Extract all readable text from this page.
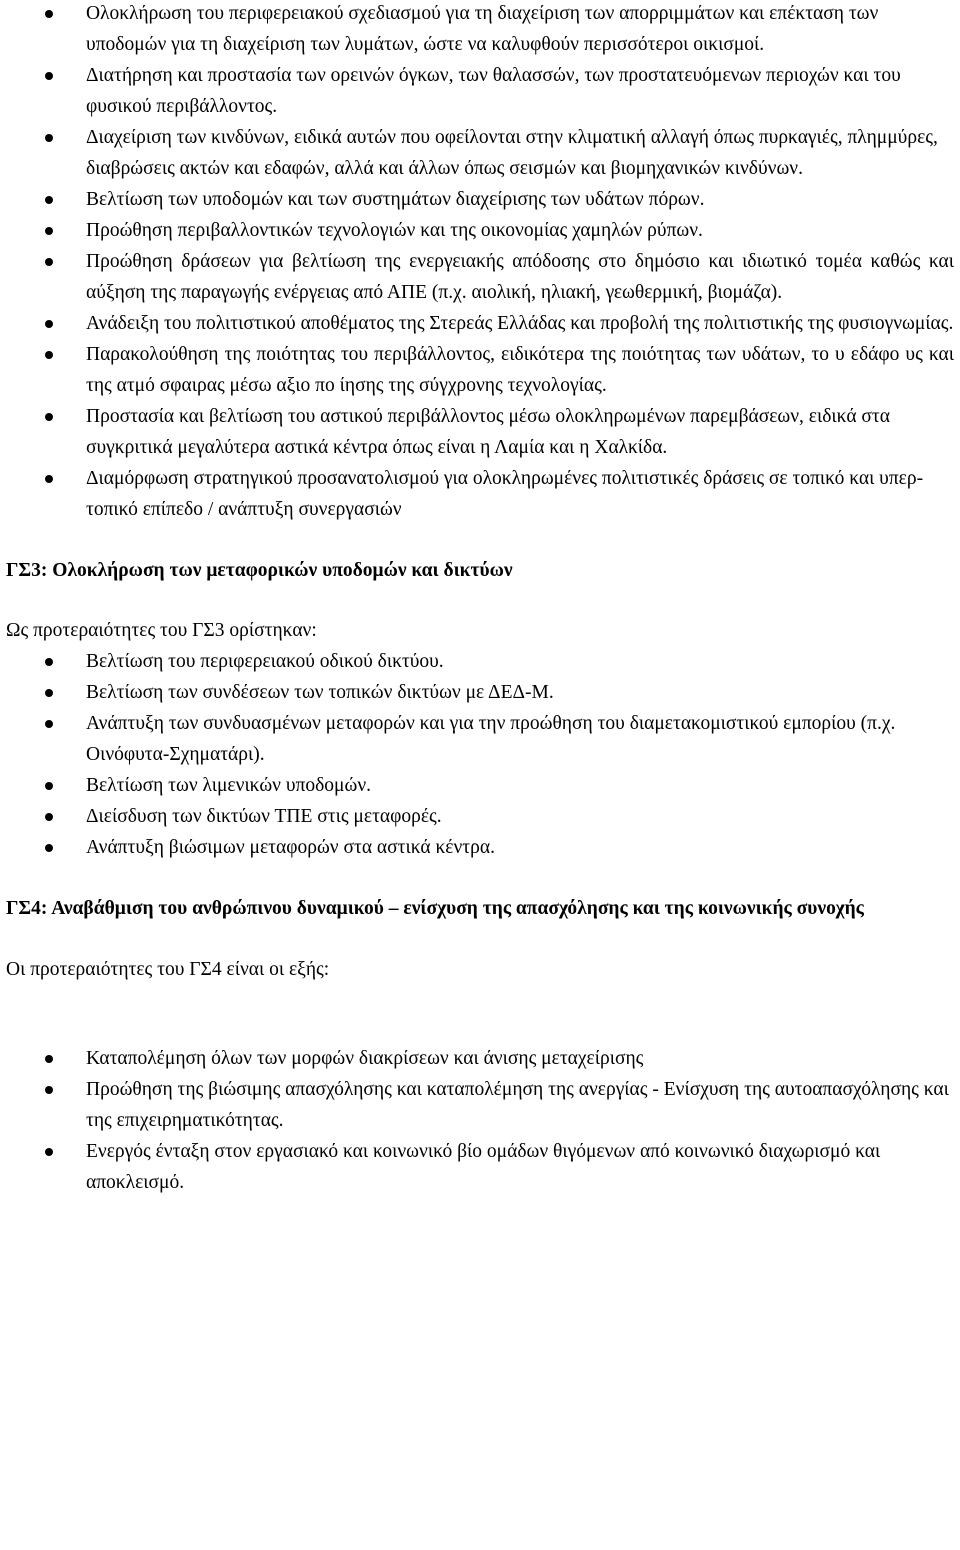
Ολοκλήρωση του περιφερειακού σχεδιασμού για τη διαχείριση των απορριμμάτων και επέκταση των υποδομών για τη διαχείριση των λυμάτων, ώστε να καλυφθούν περισσότεροι οικισμοί.
Διατήρηση και προστασία των ορεινών όγκων, των θαλασσών, των προστατευόμενων περιοχών και του φυσικού περιβάλλοντος.
Διαχείριση των κινδύνων, ειδικά αυτών που οφείλονται στην κλιματική αλλαγή όπως πυρκαγιές, πλημμύρες, διαβρώσεις ακτών και εδαφών, αλλά και άλλων όπως σεισμών και βιομηχανικών κινδύνων.
Βελτίωση των υποδομών και των συστημάτων διαχείρισης των υδάτων πόρων.
Προώθηση περιβαλλοντικών τεχνολογιών και της οικονομίας χαμηλών ρύπων.
Προώθηση δράσεων για βελτίωση της ενεργειακής απόδοσης στο δημόσιο και ιδιωτικό τομέα καθώς και αύξηση της παραγωγής ενέργειας από ΑΠΕ (π.χ. αιολική, ηλιακή, γεωθερμική, βιομάζα).
Ανάδειξη του πολιτιστικού αποθέματος της Στερεάς Ελλάδας και προβολή της πολιτιστικής της φυσιογνωμίας.
Παρακολούθηση της ποιότητας του περιβάλλοντος, ειδικότερα της ποιότητας των υδάτων, το υ εδάφο υς και της ατμό σφαιρας μέσω αξιο πο ίησης της σύγχρονης τεχνολογίας.
Προστασία και βελτίωση του αστικού περιβάλλοντος μέσω ολοκληρωμένων παρεμβάσεων, ειδικά στα συγκριτικά μεγαλύτερα αστικά κέντρα όπως είναι η Λαμία και η Χαλκίδα.
Διαμόρφωση στρατηγικού προσανατολισμού για ολοκληρωμένες πολιτιστικές δράσεις σε τοπικό και υπερ-τοπικό επίπεδο / ανάπτυξη συνεργασιών

ΓΣ3: Ολοκλήρωση των μεταφορικών υποδομών και δικτύων

Ως προτεραιότητες του ΓΣ3 ορίστηκαν:

Βελτίωση του περιφερειακού οδικού δικτύου.
Βελτίωση των συνδέσεων των τοπικών δικτύων με ΔΕΔ-Μ.
Ανάπτυξη των συνδυασμένων μεταφορών και για την προώθηση του διαμετακομιστικού εμπορίου (π.χ. Οινόφυτα-Σχηματάρι).
Βελτίωση των λιμενικών υποδομών.
Διείσδυση των δικτύων ΤΠΕ στις μεταφορές.
Ανάπτυξη βιώσιμων μεταφορών στα αστικά κέντρα.

ΓΣ4: Αναβάθμιση του ανθρώπινου δυναμικού – ενίσχυση της απασχόλησης και της κοινωνικής συνοχής

Οι προτεραιότητες του ΓΣ4 είναι οι εξής:

Καταπολέμηση όλων των μορφών διακρίσεων και άνισης μεταχείρισης
Προώθηση της βιώσιμης απασχόλησης και καταπολέμηση της ανεργίας - Ενίσχυση της αυτοαπασχόλησης και της επιχειρηματικότητας.
Ενεργός ένταξη στον εργασιακό και κοινωνικό βίο ομάδων θιγόμενων από κοινωνικό διαχωρισμό και αποκλεισμό.
